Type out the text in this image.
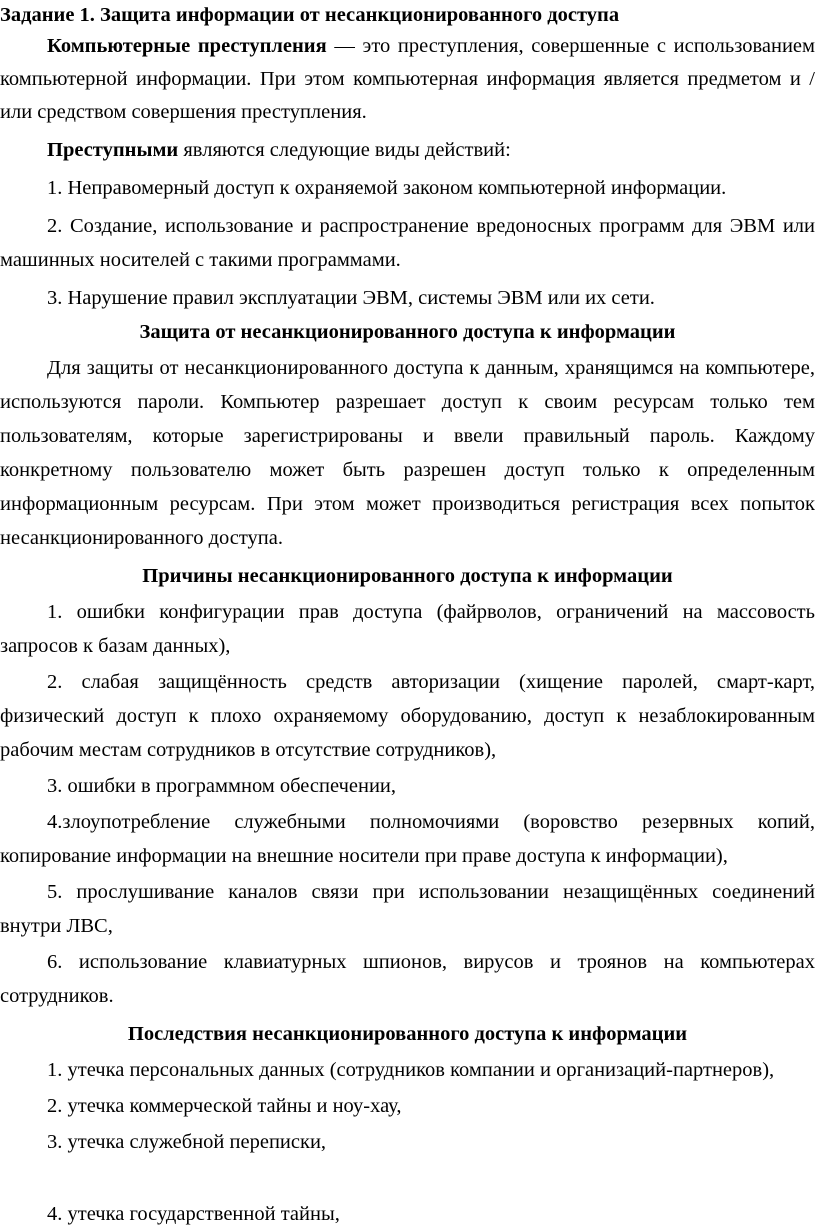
Задание 1. Защита информации от несанкционированного доступа

Компьютерные преступления — это преступления, совершенные с использованием компьютерной информации. При этом компьютерная информация является предметом и / или средством совершения преступления.

Преступными являются следующие виды действий:

1. Неправомерный доступ к охраняемой законом компьютерной информации.

2. Создание, использование и распространение вредоносных программ для ЭВМ или машинных носителей с такими программами.

3. Нарушение правил эксплуатации ЭВМ, системы ЭВМ или их сети.

Защита от несанкционированного доступа к информации

Для защиты от несанкционированного доступа к данным, хранящимся на компьютере, используются пароли. Компьютер разрешает доступ к своим ресурсам только тем пользователям, которые зарегистрированы и ввели правильный пароль. Каждому конкретному пользователю может быть разрешен доступ только к определенным информационным ресурсам. При этом может производиться регистрация всех попыток несанкционированного доступа.

Причины несанкционированного доступа к информации

1. ошибки конфигурации прав доступа (файрволов, ограничений на массовость запросов к базам данных),

2. слабая защищённость средств авторизации (хищение паролей, смарт-карт, физический доступ к плохо охраняемому оборудованию, доступ к незаблокированным рабочим местам сотрудников в отсутствие сотрудников),

3. ошибки в программном обеспечении,

4.злоупотребление служебными полномочиями (воровство резервных копий, копирование информации на внешние носители при праве доступа к информации),

5. прослушивание каналов связи при использовании незащищённых соединений внутри ЛВС,

6. использование клавиатурных шпионов, вирусов и троянов на компьютерах сотрудников.

Последствия несанкционированного доступа к информации

1. утечка персональных данных (сотрудников компании и организаций-партнеров),

2. утечка коммерческой тайны и ноу-хау,

3. утечка служебной переписки,

4. утечка государственной тайны,
